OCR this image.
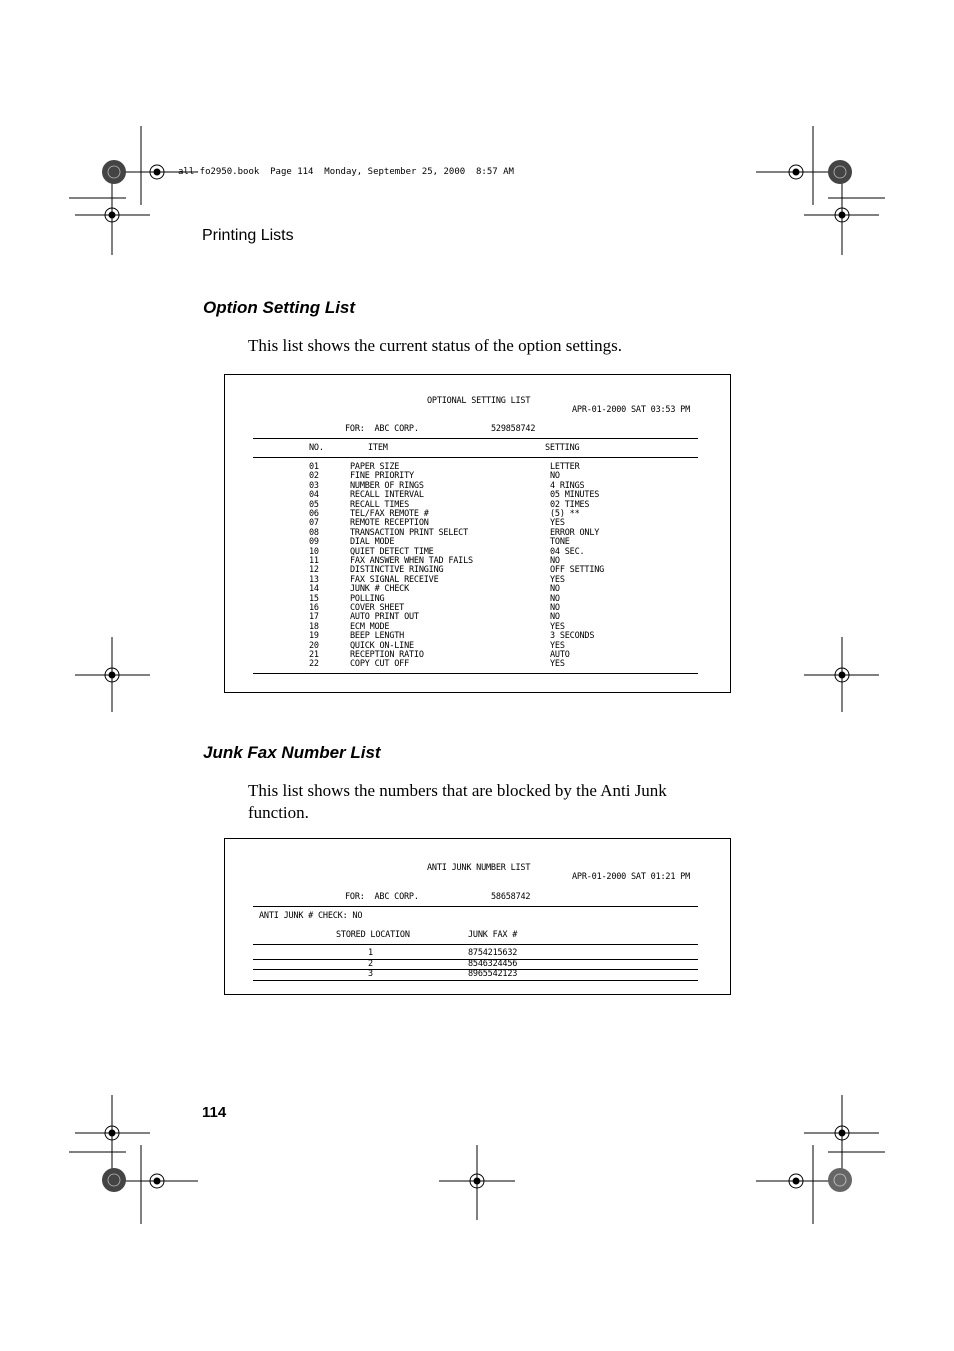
all-fo2950.book  Page 114  Monday, September 25, 2000  8:57 AM
Printing Lists
Option Setting List
This list shows the current status of the option settings.
OPTIONAL SETTING LIST
APR-01-2000 SAT 03:53 PM
FOR:  ABC CORP.	529858742
NO.	ITEM	SETTING
01	PAPER SIZE	LETTER
02	FINE PRIORITY	NO
03	NUMBER OF RINGS	4 RINGS
04	RECALL INTERVAL	05 MINUTES
05	RECALL TIMES	02 TIMES
06	TEL/FAX REMOTE #	(5) **
07	REMOTE RECEPTION	YES
08	TRANSACTION PRINT SELECT	ERROR ONLY
09	DIAL MODE	TONE
10	QUIET DETECT TIME	04 SEC.
11	FAX ANSWER WHEN TAD FAILS	NO
12	DISTINCTIVE RINGING	OFF SETTING
13	FAX SIGNAL RECEIVE	YES
14	JUNK # CHECK	NO
15	POLLING	NO
16	COVER SHEET	NO
17	AUTO PRINT OUT	NO
18	ECM MODE	YES
19	BEEP LENGTH	3 SECONDS
20	QUICK ON-LINE	YES
21	RECEPTION RATIO	AUTO
22	COPY CUT OFF	YES
Junk Fax Number List
This list shows the numbers that are blocked by the Anti Junk function.
ANTI JUNK NUMBER LIST
APR-01-2000 SAT 01:21 PM
FOR:  ABC CORP.	58658742
ANTI JUNK # CHECK: NO
STORED LOCATION	JUNK FAX #
1	8754215632
2	8546324456
3	8965542123
114
